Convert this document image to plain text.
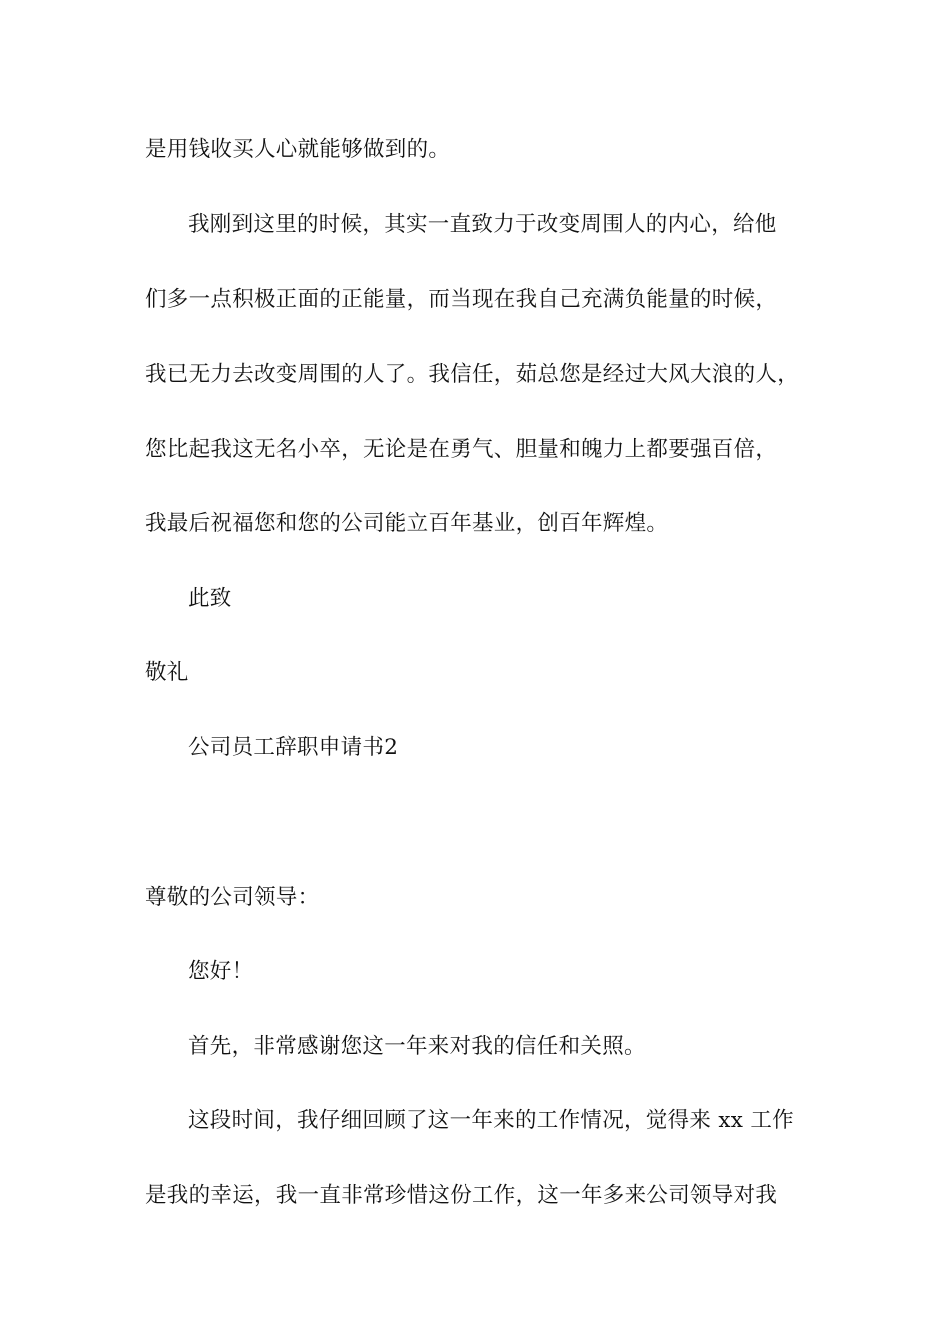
是用钱收买人心就能够做到的。
我刚到这里的时候，其实一直致力于改变周围人的内心，给他
们多一点积极正面的正能量，而当现在我自己充满负能量的时候，
我已无力去改变周围的人了。我信任，茹总您是经过大风大浪的人，
您比起我这无名小卒，无论是在勇气、胆量和魄力上都要强百倍，
我最后祝福您和您的公司能立百年基业，创百年辉煌。
此致
敬礼
公司员工辞职申请书2
尊敬的公司领导：
您好！
首先，非常感谢您这一年来对我的信任和关照。
这段时间，我仔细回顾了这一年来的工作情况，觉得来 xx 工作
是我的幸运，我一直非常珍惜这份工作，这一年多来公司领导对我
